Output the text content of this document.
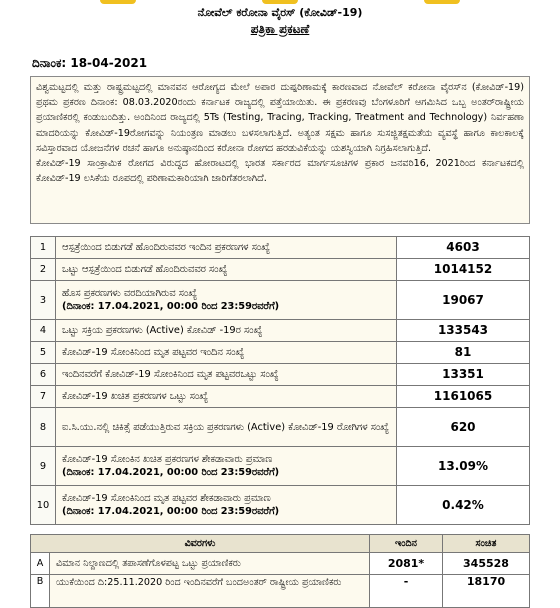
ನೋವೆಲ್ ಕರೋನಾ ವೈರಸ್ (ಕೋವಿಡ್-19)
ಪತ್ರಿಕಾ ಪ್ರಕಟಣೆ
ದಿನಾಂಕ: 18-04-2021

ವಿಶ್ವಮಟ್ಟದಲ್ಲಿ ಮತ್ತು ರಾಷ್ಟ್ರಮಟ್ಟದಲ್ಲಿ ಮಾನವನ ಆರೋಗ್ಯದ ಮೇಲೆ ಅಪಾರ ದುಷ್ಪರಿಣಾಮಕ್ಕೆ ಕಾರಣವಾದ ನೋವೆಲ್ ಕರೋನಾ ವೈರಸ್‌ನ (ಕೋವಿಡ್-19) ಪ್ರಥಮ ಪ್ರಕರಣ ದಿನಾಂಕ: 08.03.2020ರಂದು ಕರ್ನಾಟಕ ರಾಜ್ಯದಲ್ಲಿ ಪತ್ತೆಯಾಯಿತು. ಈ ಪ್ರಕರಣವು ಬೆಂಗಳೂರಿಗೆ ಆಗಮಿಸಿದ ಒಬ್ಬ ಅಂತರ್‌ರಾಷ್ಟ್ರೀಯ ಪ್ರಯಾಣಿಕರಲ್ಲಿ ಕಂಡುಬಂದಿತ್ತು. ಅಂದಿನಿಂದ ರಾಜ್ಯದಲ್ಲಿ 5Ts (Testing, Tracing, Tracking, Treatment and Technology) ನಿರ್ವಹಣಾ ಮಾದರಿಯನ್ನು ಕೋವಿಡ್-19ರೋಗವನ್ನು ನಿಯಂತ್ರಣ ಮಾಡಲು ಬಳಸಲಾಗುತ್ತಿದೆ. ಅತ್ಯಂತ ಸಕ್ಷಮ ಹಾಗೂ ಸುಸಜ್ಜಿತಕ್ಷಮತೆಯ ವ್ಯವಸ್ಥೆ ಹಾಗೂ ಕಾಲಕಾಲಕ್ಕೆ ಸವಿಸ್ತಾರವಾದ ಯೋಜನೆಗಳ ರಚನೆ ಹಾಗೂ ಅನುಷ್ಠಾನದಿಂದ ಕರೋನಾ ರೋಗದ ಹರಡುವಿಕೆಯನ್ನು ಯಶಸ್ವಿಯಾಗಿ ನಿಗ್ರಹಿಸಲಾಗುತ್ತಿದೆ.

ಕೋವಿಡ್-19 ಸಾಂಕ್ರಾಮಿಕ ರೋಗದ ವಿರುದ್ಧದ ಹೋರಾಟದಲ್ಲಿ ಭಾರತ ಸರ್ಕಾರದ ಮಾರ್ಗಸೂಚಿಗಳ ಪ್ರಕಾರ ಜನವರಿ16, 2021ರಿಂದ ಕರ್ನಾಟಕದಲ್ಲಿ ಕೋವಿಡ್-19 ಲಸಿಕೆಯ ರೂಪದಲ್ಲಿ ಪರಿಣಾಮಕಾರಿಯಾಗಿ ಜಾರಿಗೆತರಲಾಗಿದೆ.

1	ಆಸ್ಪತ್ರೆಯಿಂದ ಬಿಡುಗಡೆ ಹೊಂದಿರುವವರ ಇಂದಿನ ಪ್ರಕರಣಗಳ ಸಂಖ್ಯೆ	4603
2	ಒಟ್ಟು ಆಸ್ಪತ್ರೆಯಿಂದ ಬಿಡುಗಡೆ ಹೊಂದಿರುವವರ ಸಂಖ್ಯೆ	1014152
3	ಹೊಸ ಪ್ರಕರಣಗಳು ವರದಿಯಾಗಿರುವ ಸಂಖ್ಯೆ
(ದಿನಾಂಕ: 17.04.2021, 00:00 ರಿಂದ 23:59ರವರೆಗೆ)	19067
4	ಒಟ್ಟು ಸಕ್ರಿಯ ಪ್ರಕರಣಗಳು (Active) ಕೋವಿಡ್ -19ರ ಸಂಖ್ಯೆ	133543
5	ಕೋವಿಡ್-19 ಸೋಂಕಿನಿಂದ ಮೃತ ಪಟ್ಟವರ ಇಂದಿನ ಸಂಖ್ಯೆ	81
6	ಇಂದಿನವರೆಗೆ ಕೋವಿಡ್-19 ಸೋಂಕಿನಿಂದ ಮೃತ ಪಟ್ಟವರಒಟ್ಟು ಸಂಖ್ಯೆ	13351
7	ಕೋವಿಡ್-19 ಖಚಿತ ಪ್ರಕರಣಗಳ ಒಟ್ಟು ಸಂಖ್ಯೆ	1161065
8	ಐ.ಸಿ.ಯು.ನಲ್ಲಿ ಚಿಕಿತ್ಸೆ ಪಡೆಯುತ್ತಿರುವ ಸಕ್ರಿಯ ಪ್ರಕರಣಗಳು (Active) ಕೋವಿಡ್-19 ರೋಗಿಗಳ ಸಂಖ್ಯೆ	620
9	ಕೋವಿಡ್-19 ಸೋಂಕಿನ ಖಚಿತ ಪ್ರಕರಣಗಳ ಶೇಕಡಾವಾರು ಪ್ರಮಾಣ
(ದಿನಾಂಕ: 17.04.2021, 00:00 ರಿಂದ 23:59ರವರೆಗೆ)	13.09%
10	ಕೋವಿಡ್-19 ಸೋಂಕಿನಿಂದ ಮೃತ ಪಟ್ಟವರ ಶೇಕಡಾವಾರು ಪ್ರಮಾಣ
(ದಿನಾಂಕ: 17.04.2021, 00:00 ರಿಂದ 23:59ರವರೆಗೆ)	0.42%
ವಿವರಗಳು		ಇಂದಿನ	ಸಂಚಿತ
A	ವಿಮಾನ ನಿಲ್ದಾಣದಲ್ಲಿ ತಪಾಸಣೆಗೊಳಪಟ್ಟ ಒಟ್ಟು ಪ್ರಯಾಣಿಕರು	2081*	345528
B	ಯುಕೆಯಿಂದ ದಿ:25.11.2020 ರಿಂದ ಇಂದಿನವರೆಗೆ ಬಂದಅಂತರ್ ರಾಷ್ಟ್ರೀಯ ಪ್ರಯಾಣಿಕರು	-	18170
